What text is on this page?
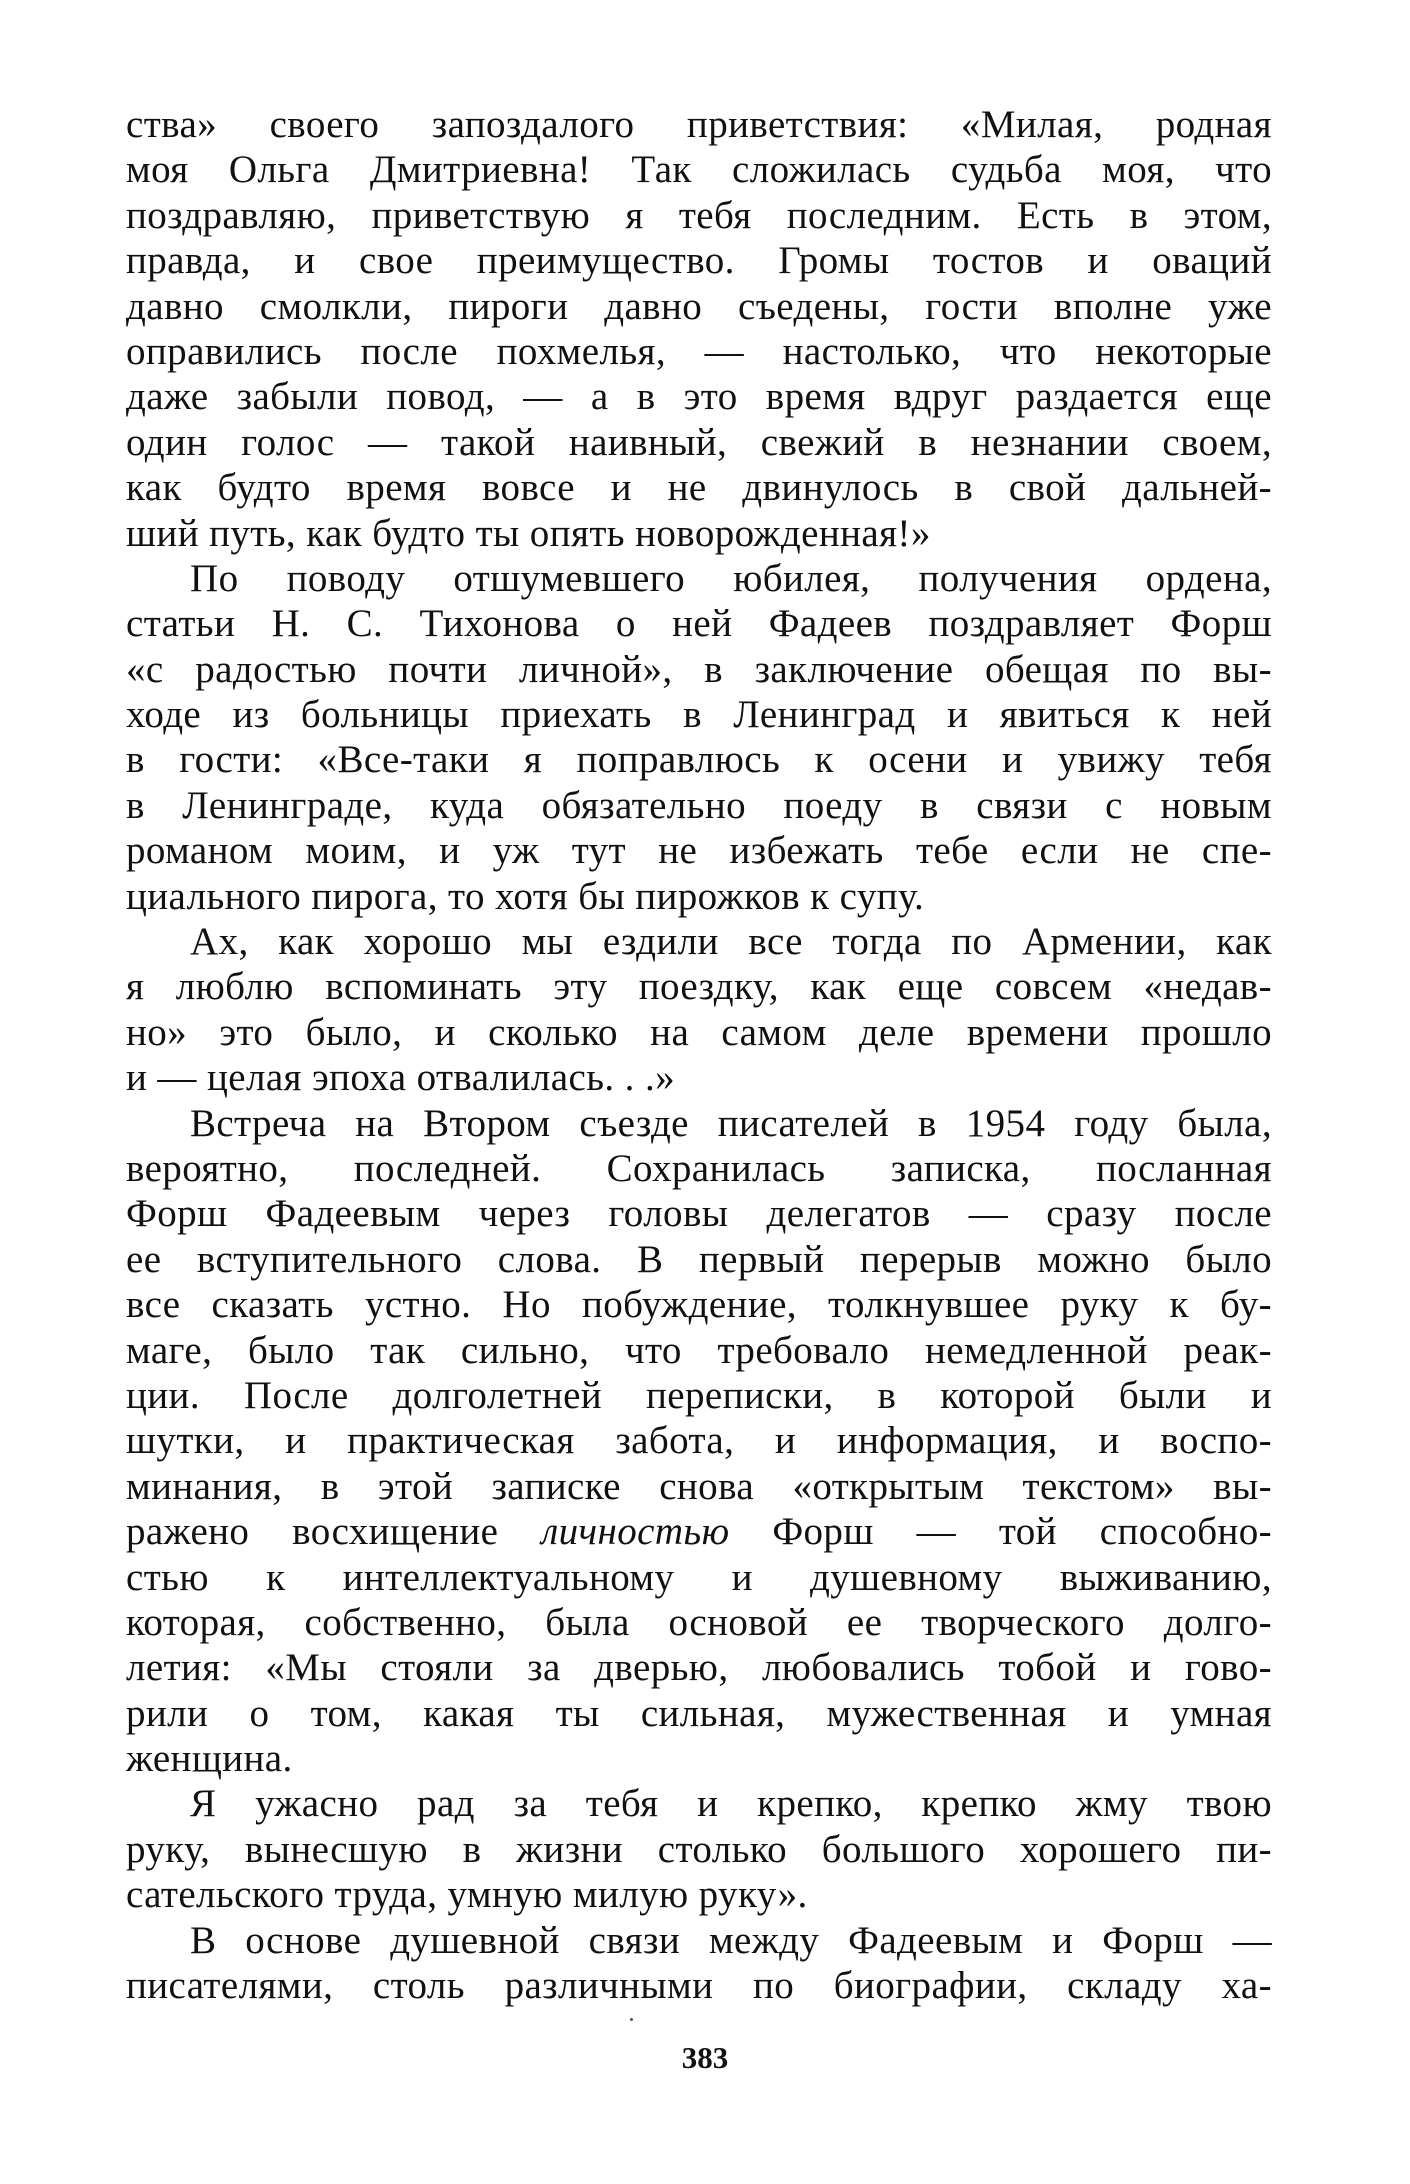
ства» своего запоздалого приветствия: «Милая, родная
моя Ольга Дмитриевна! Так сложилась судьба моя, что
поздравляю, приветствую я тебя последним. Есть в этом,
правда, и свое преимущество. Громы тостов и оваций
давно смолкли, пироги давно съедены, гости вполне уже
оправились после похмелья, — настолько, что некоторые
даже забыли повод, — а в это время вдруг раздается еще
один голос — такой наивный, свежий в незнании своем,
как будто время вовсе и не двинулось в свой дальней-
ший путь, как будто ты опять новорожденная!»
По поводу отшумевшего юбилея, получения ордена,
статьи Н. С. Тихонова о ней Фадеев поздравляет Форш
«с радостью почти личной», в заключение обещая по вы-
ходе из больницы приехать в Ленинград и явиться к ней
в гости: «Все-таки я поправлюсь к осени и увижу тебя
в Ленинграде, куда обязательно поеду в связи с новым
романом моим, и уж тут не избежать тебе если не спе-
циального пирога, то хотя бы пирожков к супу.
Ах, как хорошо мы ездили все тогда по Армении, как
я люблю вспоминать эту поездку, как еще совсем «недав-
но» это было, и сколько на самом деле времени прошло
и — целая эпоха отвалилась. . .»
Встреча на Втором съезде писателей в 1954 году была,
вероятно, последней. Сохранилась записка, посланная
Форш Фадеевым через головы делегатов — сразу после
ее вступительного слова. В первый перерыв можно было
все сказать устно. Но побуждение, толкнувшее руку к бу-
маге, было так сильно, что требовало немедленной реак-
ции. После долголетней переписки, в которой были и
шутки, и практическая забота, и информация, и воспо-
минания, в этой записке снова «открытым текстом» вы-
ражено восхищение личностью Форш — той способно-
стью к интеллектуальному и душевному выживанию,
которая, собственно, была основой ее творческого долго-
летия: «Мы стояли за дверью, любовались тобой и гово-
рили о том, какая ты сильная, мужественная и умная
женщина.
Я ужасно рад за тебя и крепко, крепко жму твою
руку, вынесшую в жизни столько большого хорошего пи-
сательского труда, умную милую руку».
В основе душевной связи между Фадеевым и Форш —
писателями, столь различными по биографии, складу ха-
383
